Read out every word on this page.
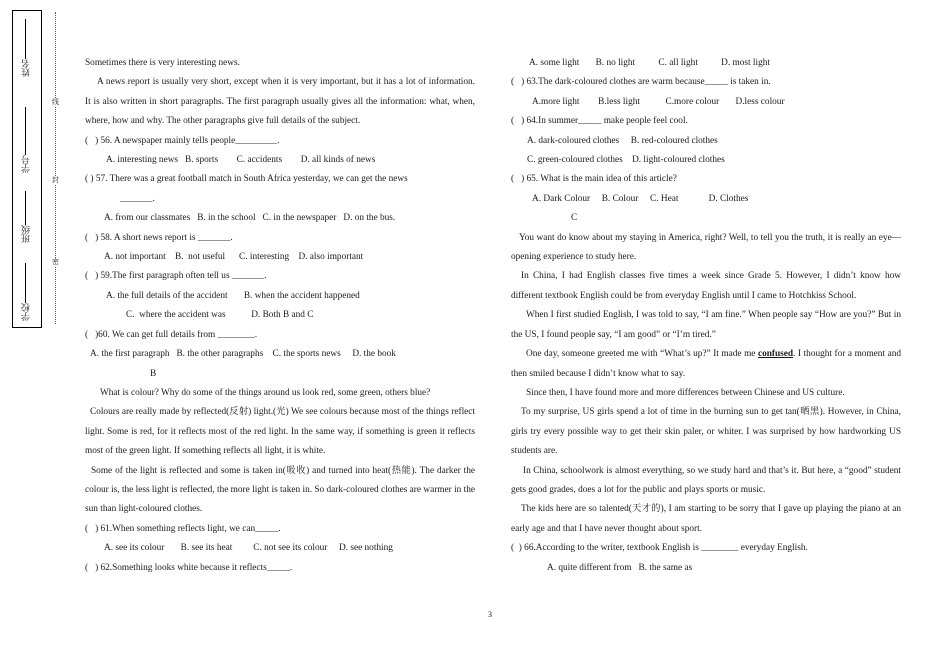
姓名
学号
班级
学校
线
封
密

Sometimes there is very interesting news.

A news report is usually very short, except when it is very important, but it has a lot of information. It is also written in short paragraphs. The first paragraph usually gives all the information: what, when, where, how and why. The other paragraphs give full details of the subject.

(   ) 56. A newspaper mainly tells people_________.

A. interesting news   B. sports        C. accidents        D. all kinds of news

( ) 57. There was a great football match in South Africa yesterday, we can get the news

_______.

A. from our classmates   B. in the school   C. in the newspaper   D. on the bus.

(   ) 58. A short news report is _______.

A. not important    B.  not useful      C. interesting    D. also important

(   ) 59.The first paragraph often tell us _______.

A. the full details of the accident       B. when the accident happened

C.  where the accident was           D. Both B and C

(   )60. We can get full details from ________.

A. the first paragraph   B. the other paragraphs    C. the sports news     D. the book

B

What is colour? Why do some of the things around us look red, some green, others blue?

Colours are really made by reflected(反射) light.(光) We see colours because most of the things reflect light. Some is red, for it reflects most of the red light. In the same way, if something is green it reflects most of the green light. If something reflects all light, it is white.

Some of the light is reflected and some is taken in(吸收) and turned into heat(热能). The darker the colour is, the less light is reflected, the more light is taken in. So dark-coloured clothes are warmer in the sun than light-coloured clothes.

(   ) 61.When something reflects light, we can_____.

A. see its colour       B. see its heat         C. not see its colour     D. see nothing

(   ) 62.Something looks white because it reflects_____.

A. some light       B. no light          C. all light          D. most light

(   ) 63.The dark-coloured clothes are warm because_____ is taken in.

A.more light        B.less light           C.more colour       D.less colour

(   ) 64.In summer_____ make people feel cool.

A. dark-coloured clothes     B. red-coloured clothes

C. green-coloured clothes    D. light-coloured clothes

(   ) 65. What is the main idea of this article?

A. Dark Colour     B. Colour     C. Heat             D. Clothes

C

You want do know about my staying in America, right? Well, to tell you the truth, it is really an eye—opening experience to study here.

In China, I had English classes five times a week since Grade 5. However, I didn’t know how different textbook English could be from everyday English until I came to Hotchkiss School.

When I first studied English, I was told to say, “I am fine.” When people say “How are you?” But in the US, I found people say, “I am good” or “I’m tired.”

One day, someone greeted me with “What’s up?” It made me confused. I thought for a moment and then smiled because I didn’t know what to say.

Since then, I have found more and more differences between Chinese and US culture.

To my surprise, US girls spend a lot of time in the burning sun to get tan(晒黑). However, in China, girls try every possible way to get their skin paler, or whiter. I was surprised by how hardworking US students are.

In China, schoolwork is almost everything, so we study hard and that’s it. But here, a “good” student gets good grades, does a lot for the public and plays sports or music.

The kids here are so talented(天才的), I am starting to be sorry that I gave up playing the piano at an early age and that I have never thought about sport.

(  ) 66.According to the writer, textbook English is ________ everyday English.

A. quite different from   B. the same as

3
